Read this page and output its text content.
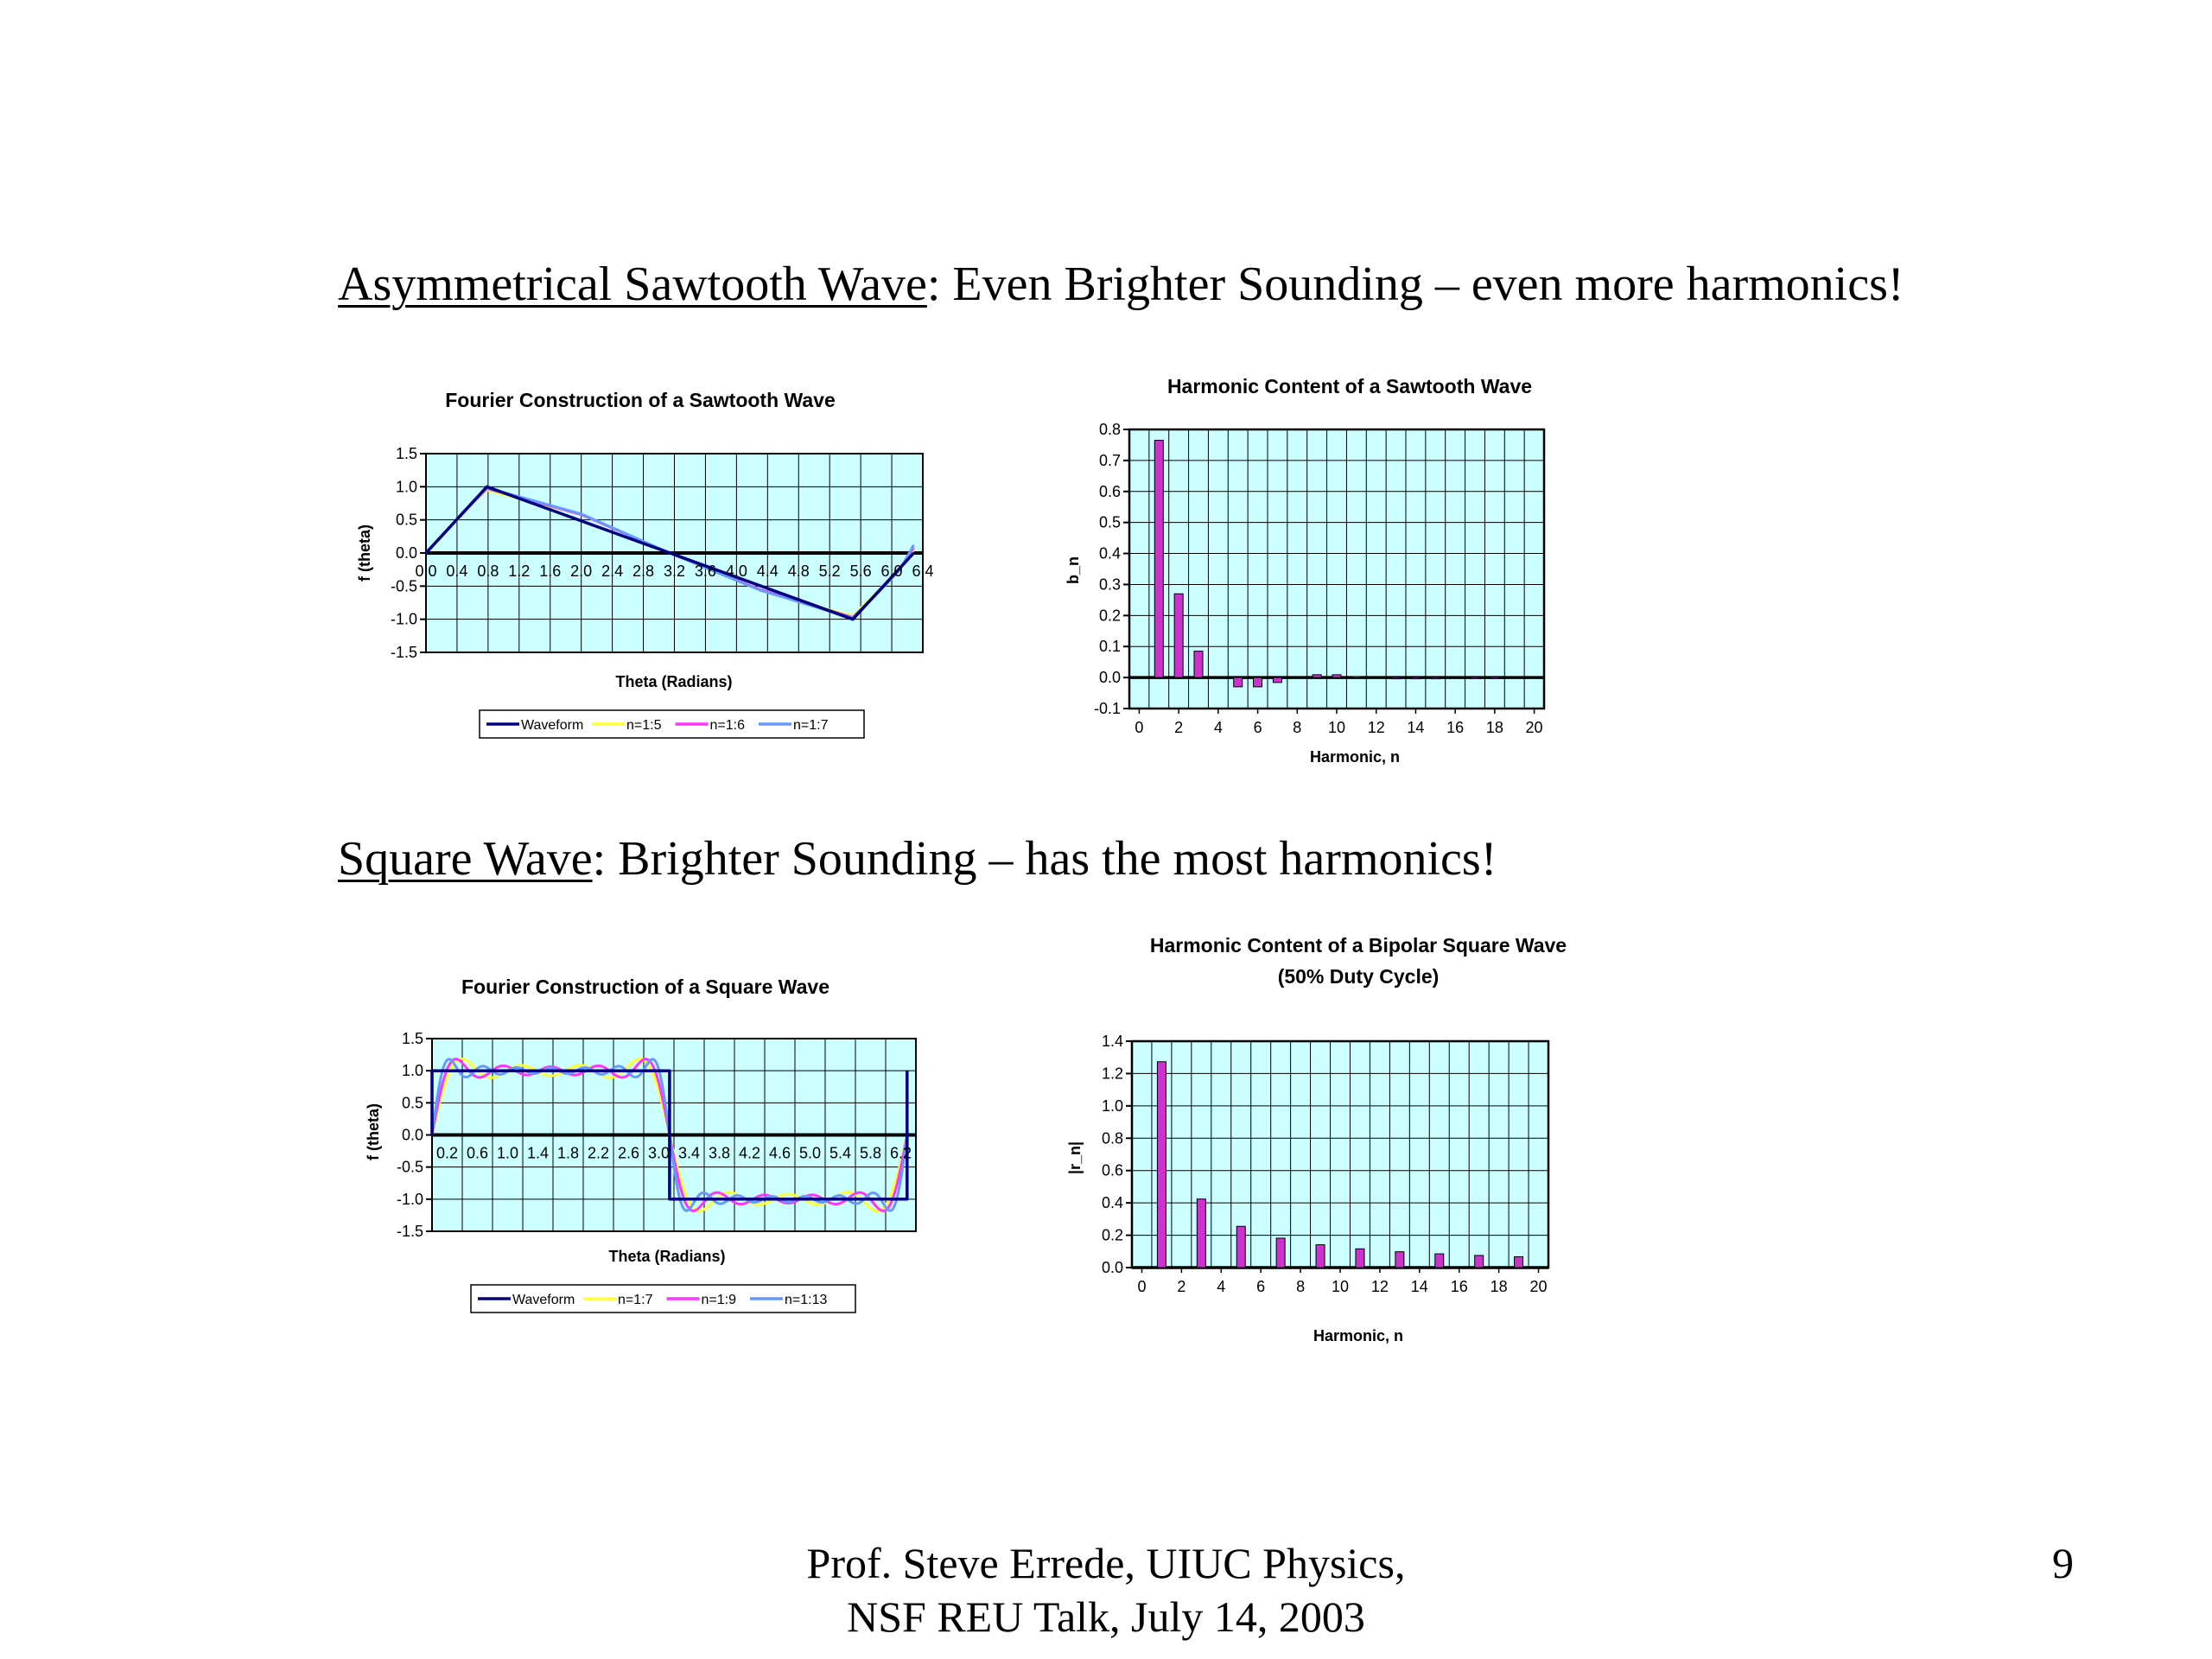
Asymmetrical Sawtooth Wave: Even Brighter Sounding – even more harmonics!
Square Wave: Brighter Sounding – has the most harmonics!
Fourier Construction of a Sawtooth Wave
0.0 0.4 0.8 1.2 1.6 2.0 2.4 2.8 3.2 3.6 4.0 4.4 4.8 5.2 5.6 6.0 6.4
1.5
1.0
0.5
0.0
-0.5
-1.0
-1.5
Theta (Radians)
f (theta)
Waveform	n=1:5	n=1:6	n=1:7
Harmonic Content of a Sawtooth Wave
0 2 4 6 8 10 12 14 16 18 20
0.8
0.7
0.6
0.5
0.4
0.3
0.2
0.1
0.0
-0.1
Harmonic, n
b_n
Fourier Construction of a Square Wave
0.2 0.6 1.0 1.4 1.8 2.2 2.6 3.0 3.4 3.8 4.2 4.6 5.0 5.4 5.8 6.2
1.5
1.0
0.5
0.0
-0.5
-1.0
-1.5
Theta (Radians)
f (theta)
Waveform	n=1:7	n=1:9	n=1:13
Harmonic Content of a Bipolar Square Wave
(50% Duty Cycle)
0 2 4 6 8 10 12 14 16 18 20
1.4
1.2
1.0
0.8
0.6
0.4
0.2
0.0
Harmonic, n
|r_n|
Prof. Steve Errede, UIUC Physics,
NSF REU Talk, July 14, 2003
9
